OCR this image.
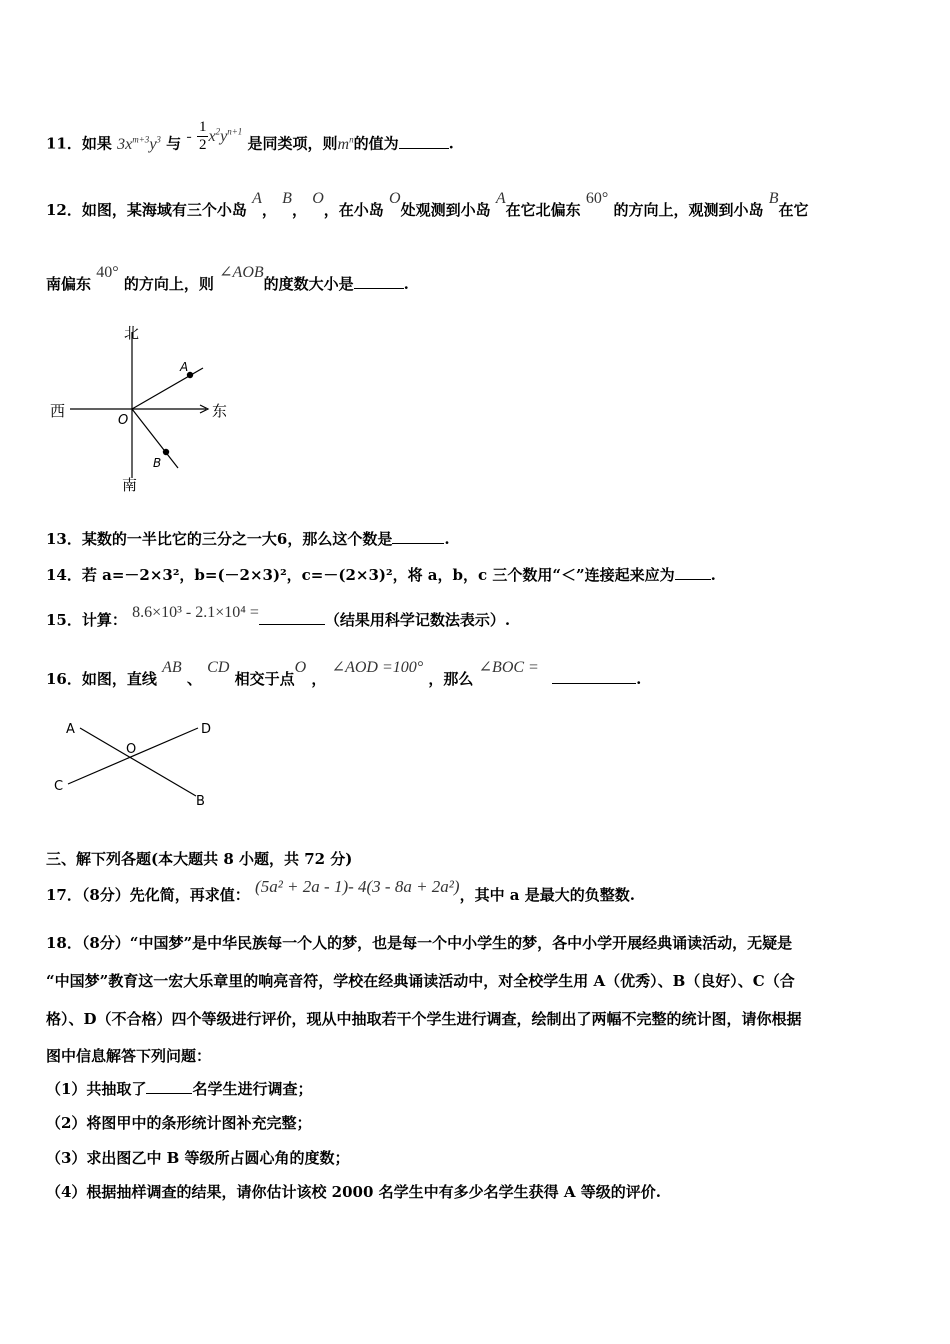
11．如果 $3x^{m+3}y^3$ 与 - $\frac{1}{2} x^2y^{n+1}$ 是同类项，则$m^n$的值为	.
12．如图，某海域有三个小岛 A， B， O，在小岛 O处观测到小岛 A在它北偏东 60° 的方向上，观测到小岛 B在它
南偏东 40° 的方向上，则 ∠AOB的度数大小是	.
北
南
西	东
A
B
O
13．某数的一半比它的三分之一大6，那么这个数是	.
14．若 a=－2×3²，b=(－2×3)²，c=－(2×3)²，将 a，b，c 三个数用“＜”连接起来应为 .
15．计算： 8.6×10³ - 2.1×10⁴ =	（结果用科学记数法表示）.
16．如图，直线 AB 、 CD 相交于点O ， ∠AOD =100° ，那么 ∠BOC = .
A	D
O
C
B
三、解下列各题(本大题共 8 小题，共 72 分)
17．（8分）先化简，再求值： (5a² + 2a - 1)- 4(3 - 8a + 2a²)，其中 a 是最大的负整数.
18．（8分）“中国梦”是中华民族每一个人的梦，也是每一个中小学生的梦，各中小学开展经典诵读活动，无疑是
“中国梦”教育这一宏大乐章里的响亮音符，学校在经典诵读活动中，对全校学生用 A（优秀）、B（良好）、C（合
格）、D（不合格）四个等级进行评价，现从中抽取若干个学生进行调查，绘制出了两幅不完整的统计图，请你根据
图中信息解答下列问题：
（1）共抽取了	名学生进行调查；
（2）将图甲中的条形统计图补充完整；
（3）求出图乙中 B 等级所占圆心角的度数；
（4）根据抽样调查的结果，请你估计该校 2000 名学生中有多少名学生获得 A 等级的评价.
